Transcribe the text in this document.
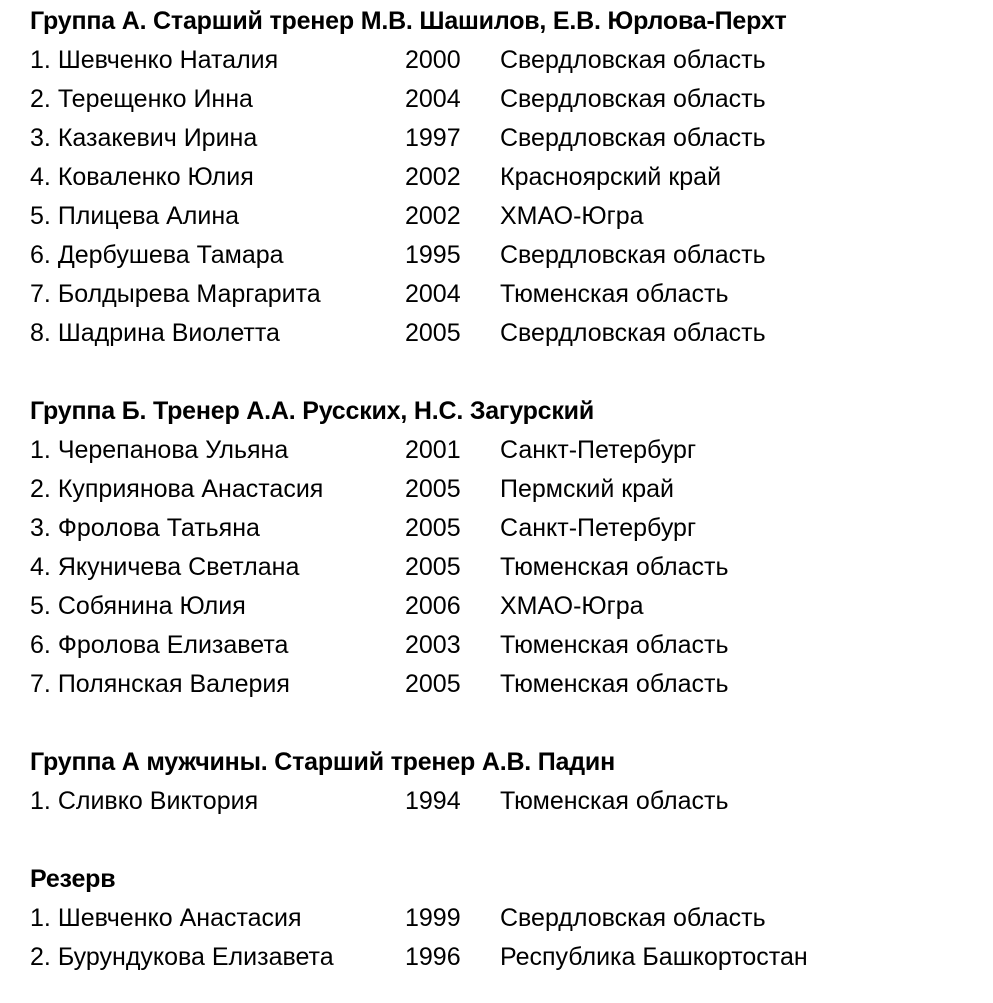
Группа А. Старший тренер М.В. Шашилов, Е.В. Юрлова-Перхт
1. Шевченко Наталия	2000	Свердловская область
2. Терещенко Инна	2004	Свердловская область
3. Казакевич Ирина	1997	Свердловская область
4. Коваленко Юлия	2002	Красноярский край
5. Плицева Алина	2002	ХМАО-Югра
6. Дербушева Тамара	1995	Свердловская область
7. Болдырева Маргарита	2004	Тюменская область
8. Шадрина Виолетта	2005	Свердловская область
Группа Б. Тренер А.А. Русских, Н.С. Загурский
1. Черепанова Ульяна	2001	Санкт-Петербург
2. Куприянова Анастасия	2005	Пермский край
3. Фролова Татьяна	2005	Санкт-Петербург
4. Якуничева Светлана	2005	Тюменская область
5. Собянина Юлия	2006	ХМАО-Югра
6. Фролова Елизавета	2003	Тюменская область
7. Полянская Валерия	2005	Тюменская область
Группа А мужчины. Старший тренер А.В. Падин
1. Сливко Виктория	1994	Тюменская область
Резерв
1. Шевченко Анастасия	1999	Свердловская область
2. Бурундукова Елизавета	1996	Республика Башкортостан
